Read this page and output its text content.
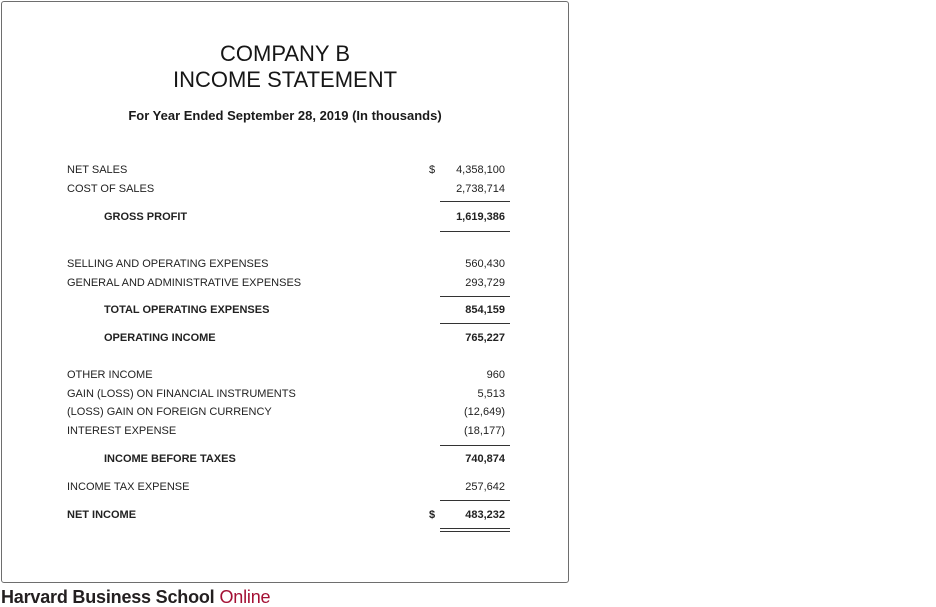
COMPANY B
INCOME STATEMENT
For Year Ended September 28, 2019 (In thousands)
NET SALES	$	4,358,100
COST OF SALES	2,738,714
GROSS PROFIT	1,619,386
SELLING AND OPERATING EXPENSES	560,430
GENERAL AND ADMINISTRATIVE EXPENSES	293,729
TOTAL OPERATING EXPENSES	854,159
OPERATING INCOME	765,227
OTHER INCOME	960
GAIN (LOSS) ON FINANCIAL INSTRUMENTS	5,513
(LOSS) GAIN ON FOREIGN CURRENCY	(12,649)
INTEREST EXPENSE	(18,177)
INCOME BEFORE TAXES	740,874
INCOME TAX EXPENSE	257,642
NET INCOME	$	483,232
Harvard Business School Online
